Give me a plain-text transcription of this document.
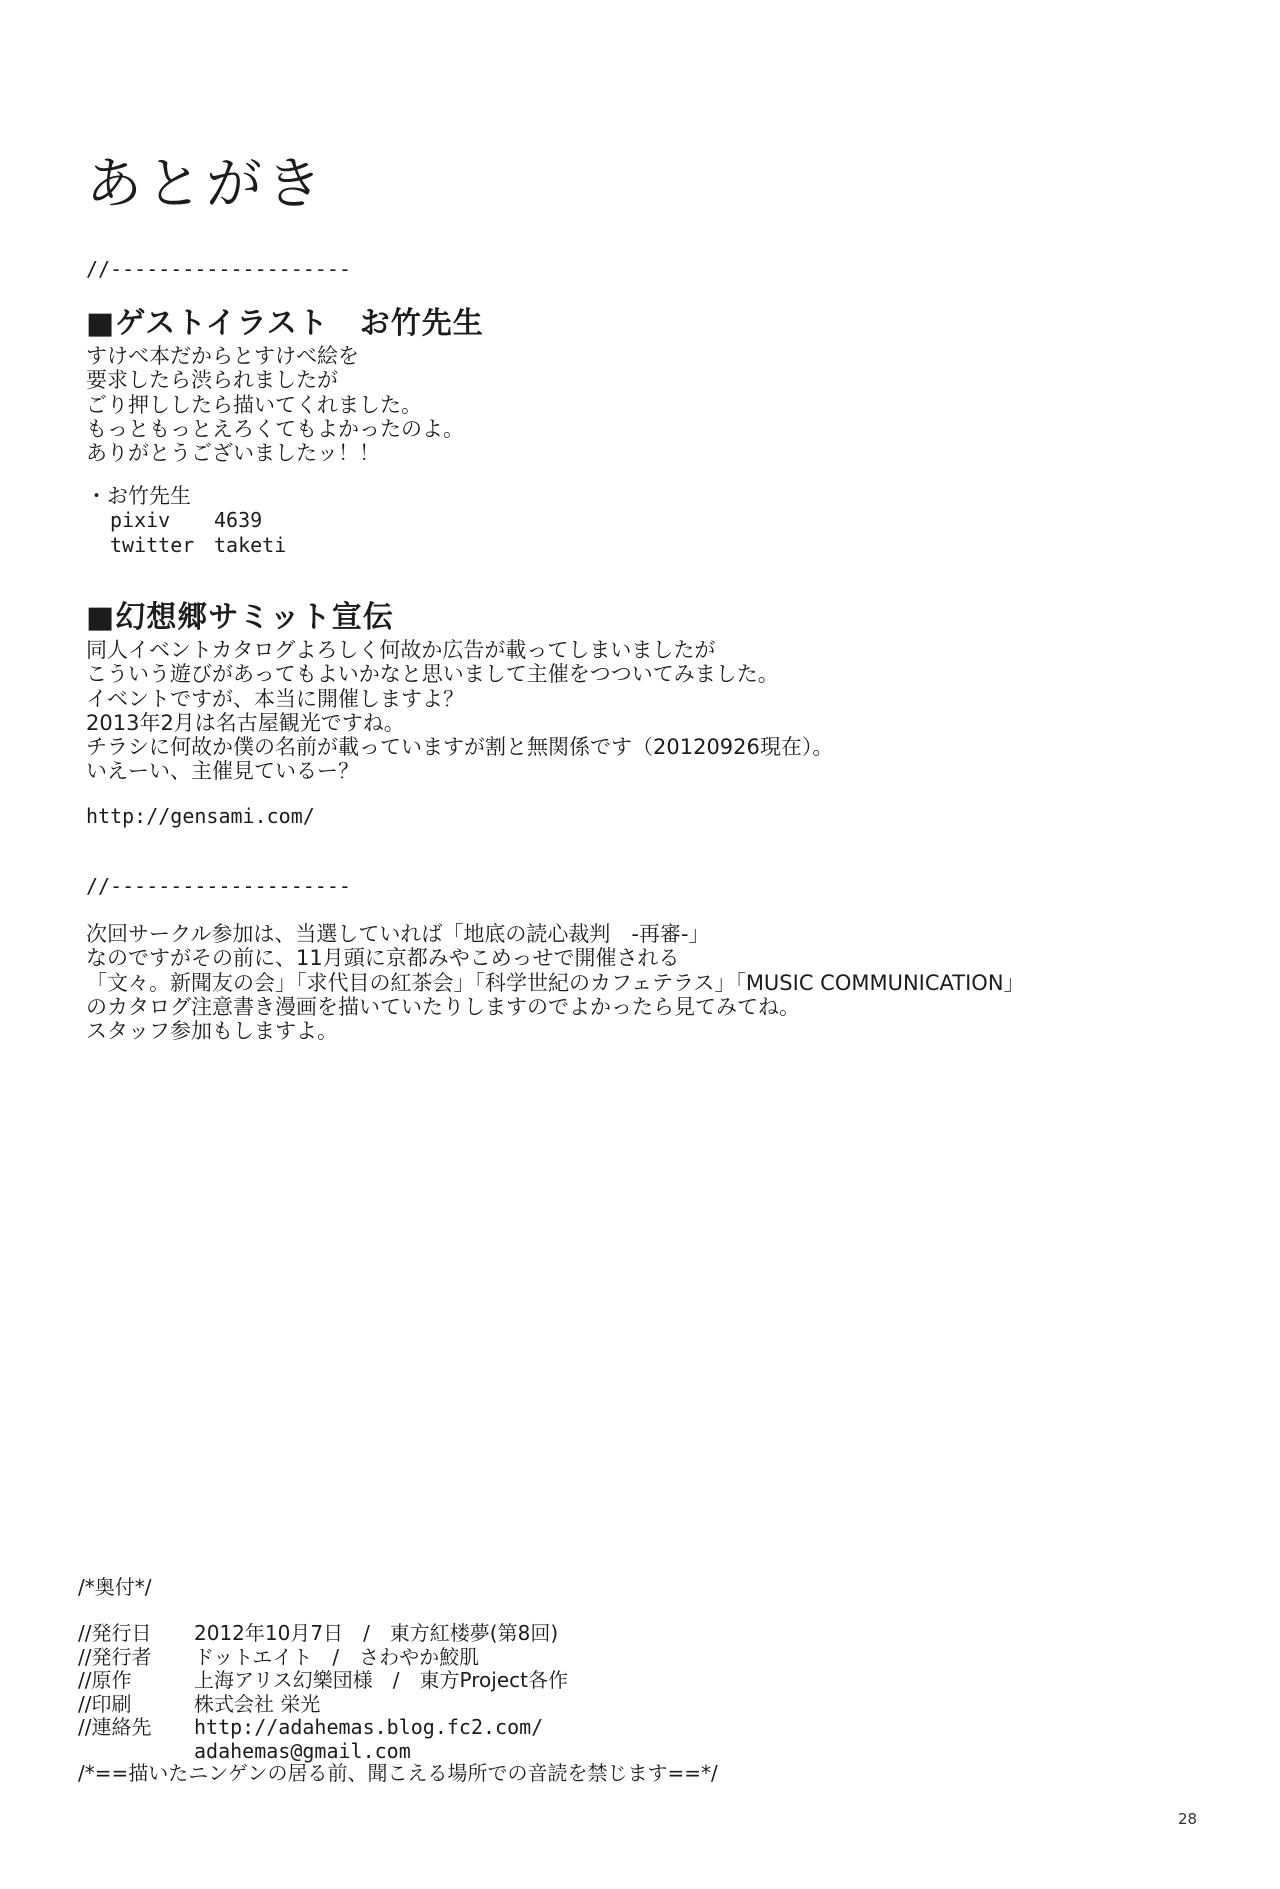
あとがき
//--------------------
■ゲストイラスト　お竹先生
すけべ本だからとすけべ絵を
要求したら渋られましたが
ごり押ししたら描いてくれました。
もっともっとえろくてもよかったのよ。
ありがとうございましたッ！！
・お竹先生
pixiv	4639
twitter taketi
■幻想郷サミット宣伝
同人イベントカタログよろしく何故か広告が載ってしまいましたが
こういう遊びがあってもよいかなと思いまして主催をつついてみました。
イベントですが、本当に開催しますよ？
2013年2月は名古屋観光ですね。
チラシに何故か僕の名前が載っていますが割と無関係です（20120926現在）。
いえーい、主催見ているー？
http://gensami.com/
//--------------------
次回サークル参加は、当選していれば「地底の読心裁判　-再審-」
なのですがその前に、11月頭に京都みやこめっせで開催される
「文々。新聞友の会」「求代目の紅茶会」「科学世紀のカフェテラス」「MUSIC COMMUNICATION」
のカタログ注意書き漫画を描いていたりしますのでよかったら見てみてね。
スタッフ参加もしますよ。
/*奥付*/
//発行日	2012年10月7日　/　東方紅楼夢(第8回)
//発行者	ドットエイト　/　さわやか鮫肌
//原作	上海アリス幻樂団様　/　東方Project各作
//印刷	株式会社 栄光
//連絡先	http://adahemas.blog.fc2.com/
adahemas@gmail.com
/*==描いたニンゲンの居る前、聞こえる場所での音読を禁じます==*/
28
